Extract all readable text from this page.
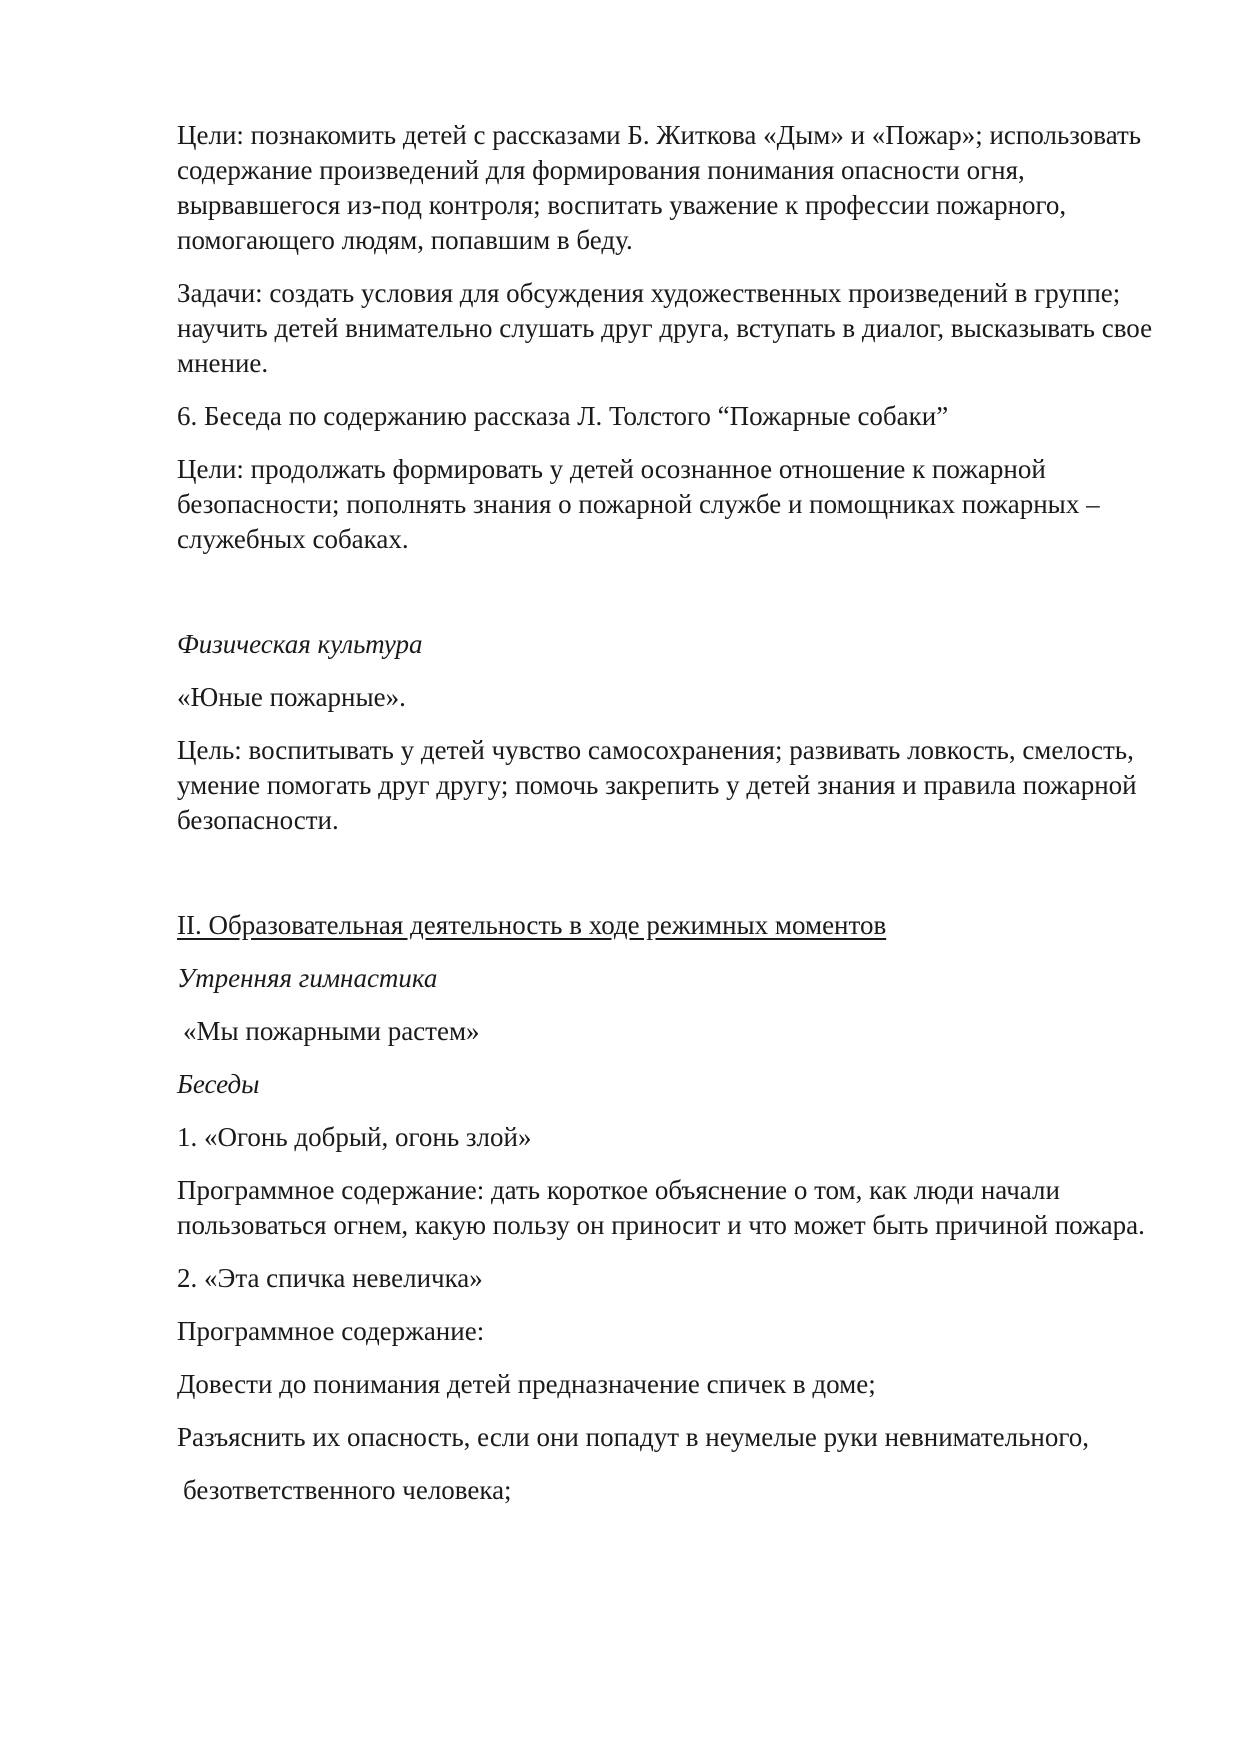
Цели: познакомить детей с рассказами Б. Житкова «Дым» и «Пожар»; использовать содержание произведений для формирования понимания опасности огня, вырвавшегося из-под контроля; воспитать уважение к профессии пожарного, помогающего людям, попавшим в беду.

Задачи: создать условия для обсуждения художественных произведений в группе; научить детей внимательно слушать друг друга, вступать в диалог, высказывать свое мнение.

6. Беседа по содержанию рассказа Л. Толстого “Пожарные собаки”

Цели: продолжать формировать у детей осознанное отношение к пожарной безопасности; пополнять знания о пожарной службе и помощниках пожарных – служебных собаках.

Физическая культура

«Юные пожарные».

Цель: воспитывать у детей чувство самосохранения; развивать ловкость, смелость, умение помогать друг другу; помочь закрепить у детей знания и правила пожарной безопасности.

II. Образовательная деятельность в ходе режимных моментов

Утренняя гимнастика

«Мы пожарными растем»

Беседы

1. «Огонь добрый, огонь злой»

Программное содержание: дать короткое объяснение о том, как люди начали пользоваться огнем, какую пользу он приносит и что может быть причиной пожара.

2. «Эта спичка невеличка»

Программное содержание:

Довести до понимания детей предназначение спичек в доме;

Разъяснить их опасность, если они попадут в неумелые руки невнимательного,

безответственного человека;
